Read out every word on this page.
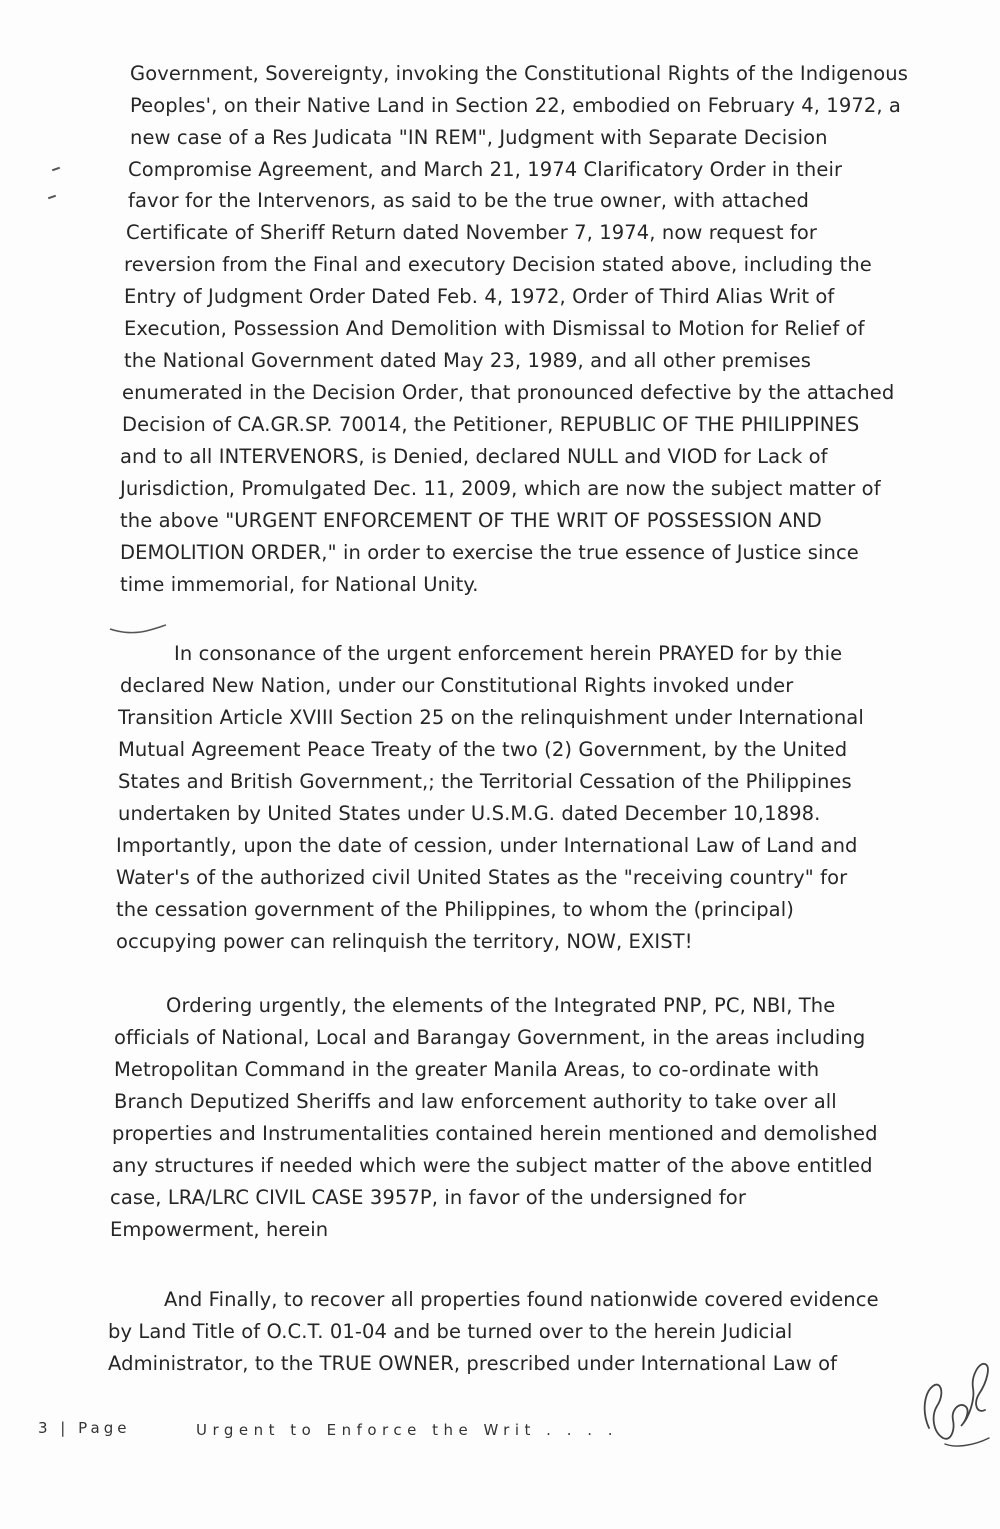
Government, Sovereignty, invoking the Constitutional Rights of the Indigenous
Peoples', on their Native Land in Section 22, embodied on February 4, 1972, a
new case of a Res Judicata "IN REM", Judgment with Separate Decision
Compromise Agreement, and March 21, 1974 Clarificatory Order in their
favor for the Intervenors, as said to be the true owner, with attached
Certificate of Sheriff Return dated November 7, 1974, now request for
reversion from the Final and executory Decision stated above, including the
Entry of Judgment Order Dated Feb. 4, 1972, Order of Third Alias Writ of
Execution, Possession And Demolition with Dismissal to Motion for Relief of
the National Government dated May 23, 1989, and all other premises
enumerated in the Decision Order, that pronounced defective by the attached
Decision of CA.GR.SP. 70014, the Petitioner, REPUBLIC OF THE PHILIPPINES
and to all INTERVENORS, is Denied, declared NULL and VIOD for Lack of
Jurisdiction, Promulgated Dec. 11, 2009, which are now the subject matter of
the above "URGENT ENFORCEMENT OF THE WRIT OF POSSESSION AND
DEMOLITION ORDER," in order to exercise the true essence of Justice since
time immemorial, for National Unity.
In consonance of the urgent enforcement herein PRAYED for by thie
declared New Nation, under our Constitutional Rights invoked under
Transition Article XVIII Section 25 on the relinquishment under International
Mutual Agreement Peace Treaty of the two (2) Government, by the United
States and British Government,; the Territorial Cessation of the Philippines
undertaken by United States under U.S.M.G. dated December 10,1898.
Importantly, upon the date of cession, under International Law of Land and
Water's of the authorized civil United States as the "receiving country" for
the cessation government of the Philippines, to whom the (principal)
occupying power can relinquish the territory, NOW, EXIST!
Ordering urgently, the elements of the Integrated PNP, PC, NBI, The
officials of National, Local and Barangay Government, in the areas including
Metropolitan Command in the greater Manila Areas, to co-ordinate with
Branch Deputized Sheriffs and law enforcement authority to take over all
properties and Instrumentalities contained herein mentioned and demolished
any structures if needed which were the subject matter of the above entitled
case, LRA/LRC CIVIL CASE 3957P, in favor of the undersigned for
Empowerment, herein
And Finally, to recover all properties found nationwide covered evidence
by Land Title of O.C.T. 01-04 and be turned over to the herein Judicial
Administrator, to the TRUE OWNER, prescribed under International Law of
3 | Page	Urgent to Enforce the Writ . . . .
